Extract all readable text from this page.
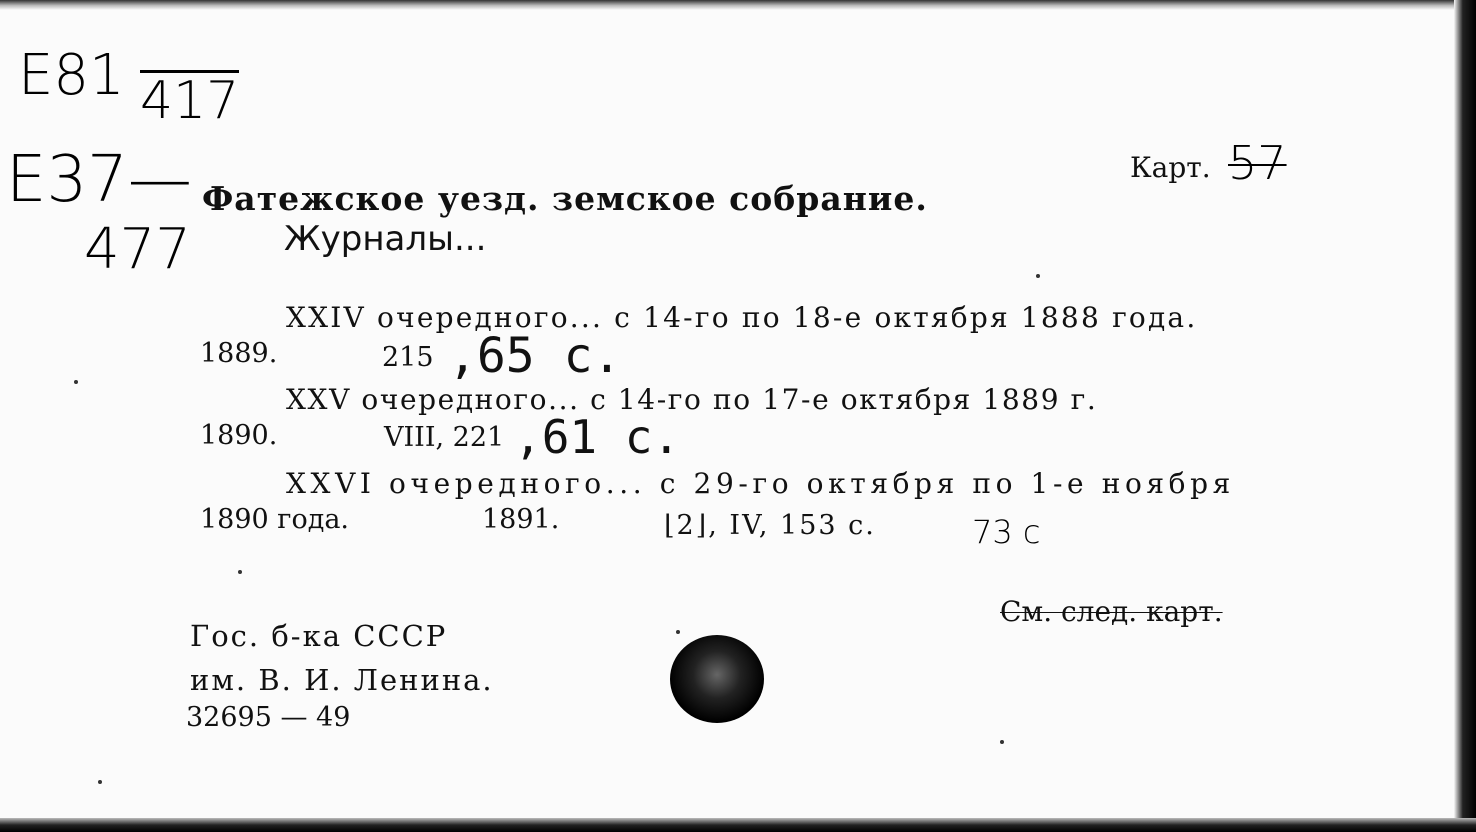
E81 417
E37—
477
Карт. 57
Фатежское уезд. земское собрание.
Журналы...
XXIV очередного... с 14-го по 18-е октября 1888 года.
1889.	215 ,65 с.
XXV очередного... с 14-го по 17-е октября 1889 г.
1890.	VIII, 221 ,61 с.
XXVI очередного... с 29-го октября по 1-е ноября
1890 года.	1891.	⌊2⌋, IV, 153 с.	73 с
См. след. карт.
Гос. б-ка СССР
им. В. И. Ленина.
32695 — 49
